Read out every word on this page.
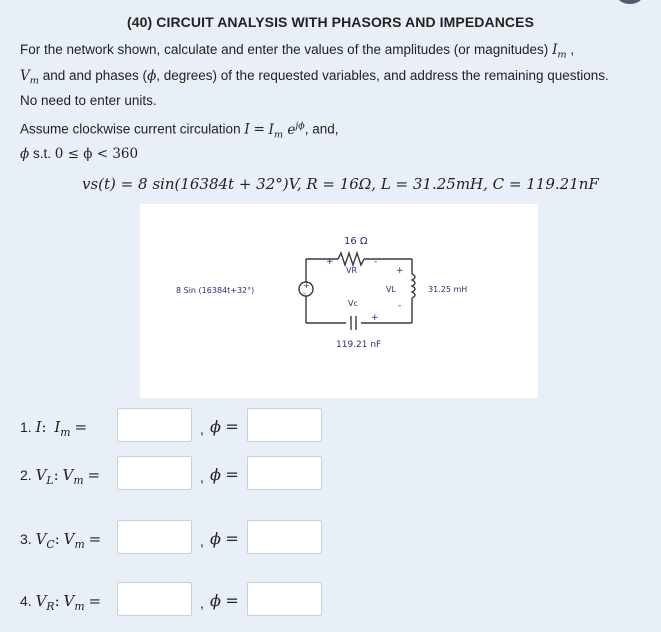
(40) CIRCUIT ANALYSIS WITH PHASORS AND IMPEDANCES
For the network shown, calculate and enter the values of the amplitudes (or magnitudes) $I_m$ ,
$V_m$ and and phases (ϕ, degrees) of the requested variables, and address the remaining questions.
No need to enter units.
Assume clockwise current circulation $I = I_m$ $e^{j\phi}$, and,
ϕ s.t. 0 ≤ ϕ < 360
vs(t) = 8 sin(16384t + 32°)V, R = 16Ω, L = 31.25mH, C = 119.21nF
16 Ω
+
VR
-
8 Sin (16384t+32°)
+
-
+
VL
-
31.25 mH
Vc
-	+
119.21 nF
1. I: $I_m$ =	, ϕ =
2. $V_L$: $V_m$ =	, ϕ =
3. $V_C$: $V_m$ =	, ϕ =
4. $V_R$: $V_m$ =	, ϕ =
